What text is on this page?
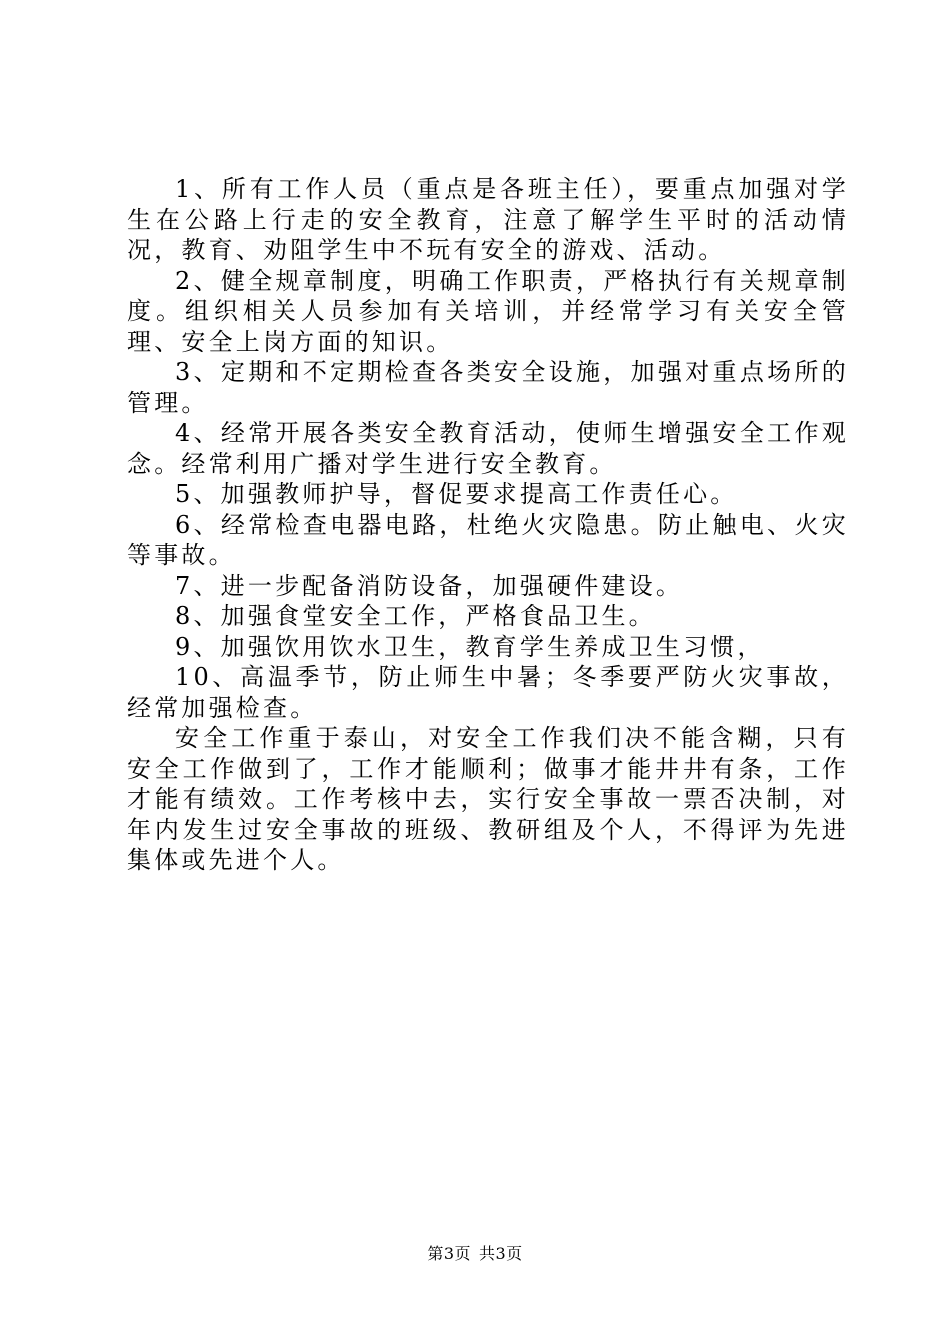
1、所有工作人员（重点是各班主任），要重点加强对学生在公路上行走的安全教育，注意了解学生平时的活动情况，教育、劝阻学生中不玩有安全的游戏、活动。

2、健全规章制度，明确工作职责，严格执行有关规章制度。组织相关人员参加有关培训，并经常学习有关安全管理、安全上岗方面的知识。

3、定期和不定期检查各类安全设施，加强对重点场所的管理。

4、经常开展各类安全教育活动，使师生增强安全工作观念。经常利用广播对学生进行安全教育。

5、加强教师护导，督促要求提高工作责任心。

6、经常检查电器电路，杜绝火灾隐患。防止触电、火灾等事故。

7、进一步配备消防设备，加强硬件建设。

8、加强食堂安全工作，严格食品卫生。

9、加强饮用饮水卫生，教育学生养成卫生习惯，

10、高温季节，防止师生中暑；冬季要严防火灾事故，经常加强检查。

安全工作重于泰山，对安全工作我们决不能含糊，只有安全工作做到了，工作才能顺利；做事才能井井有条，工作才能有绩效。工作考核中去，实行安全事故一票否决制，对年内发生过安全事故的班级、教研组及个人，不得评为先进集体或先进个人。

第3页 共3页
